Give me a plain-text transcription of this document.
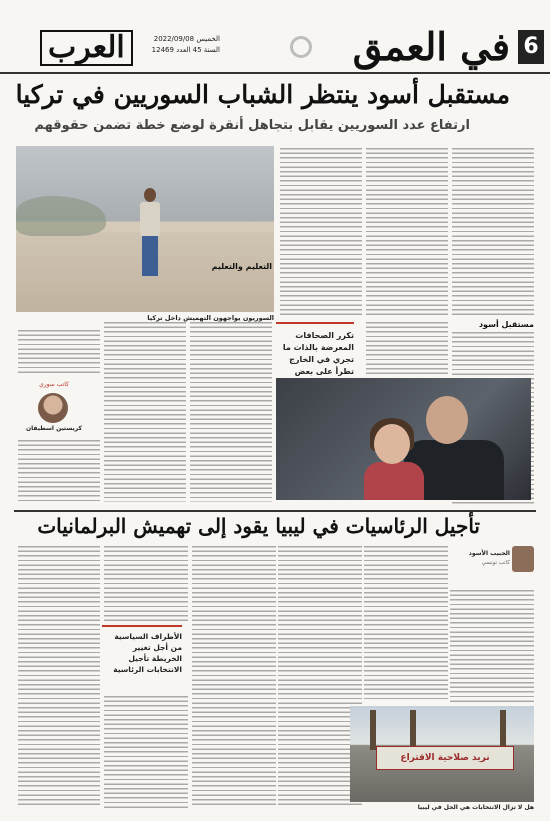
6
في العمق
الخميس 2022/09/08
السنة 45 العدد 12469
العرب
مستقبل أسود ينتظر الشباب السوريين في تركيا
ارتفاع عدد السوريين يقابل بتجاهل أنقرة لوضع خطة تضمن حقوقهم
السوريون يواجهون التهميش داخل تركيا
مستقبل أسود
تكرر الصحافات المعرضة بالذات ما تجري في الخارج تطرأ على بعض
كاتب سوري
كريستين اسطيفان
التعليم والتعليم
تأجيل الرئاسيات في ليبيا يقود إلى تهميش البرلمانيات
الحبيب الأسود
كاتب تونسي
الأطراف السياسية من أجل تغيير الخريطة تأجيل الانتخابات الرئاسية
نريد صلاحية الاقتراع
هل لا تزال الانتخابات هي الحل في ليبيا
